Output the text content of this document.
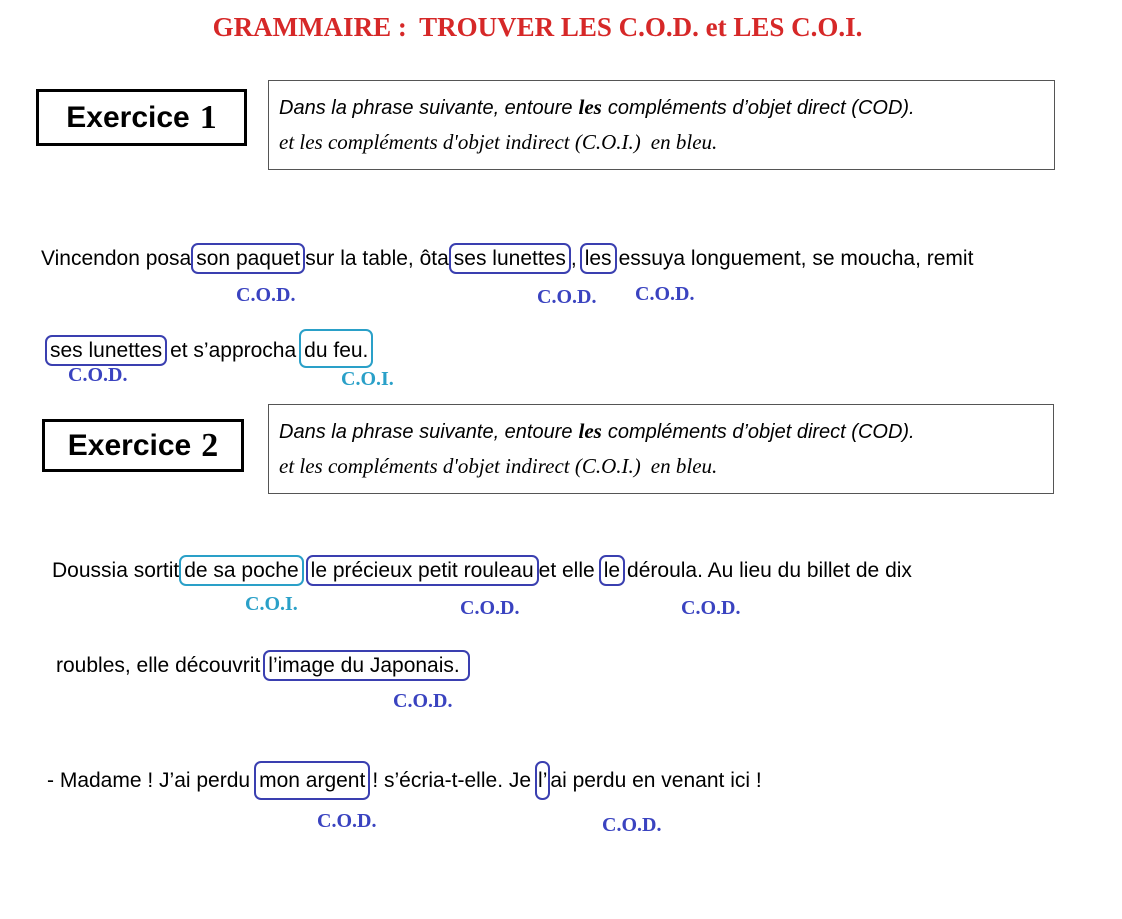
GRAMMAIRE : TROUVER LES C.O.D. et LES C.O.I.
Exercice 1	Dans la phrase suivante, entoure les compléments d’objet direct (COD).
et les compléments d'objet indirect (C.O.I.) en bleu.
Vincendon posa son paquet sur la table, ôta ses lunettes , les essuya longuement, se moucha, remit
C.O.D.	C.O.D. C.O.D.
ses lunettes et s’approcha du feu.
C.O.D.	C.O.I.
Exercice 2	Dans la phrase suivante, entoure les compléments d’objet direct (COD).
et les compléments d'objet indirect (C.O.I.) en bleu.
Doussia sortit de sa poche le précieux petit rouleau et elle le déroula. Au lieu du billet de dix
C.O.I.	C.O.D.	C.O.D.
roubles, elle découvrit l’image du Japonais.
C.O.D.
- Madame ! J’ai perdu mon argent ! s’écria-t-elle. Je l’ ai perdu en venant ici !
C.O.D.	C.O.D.
